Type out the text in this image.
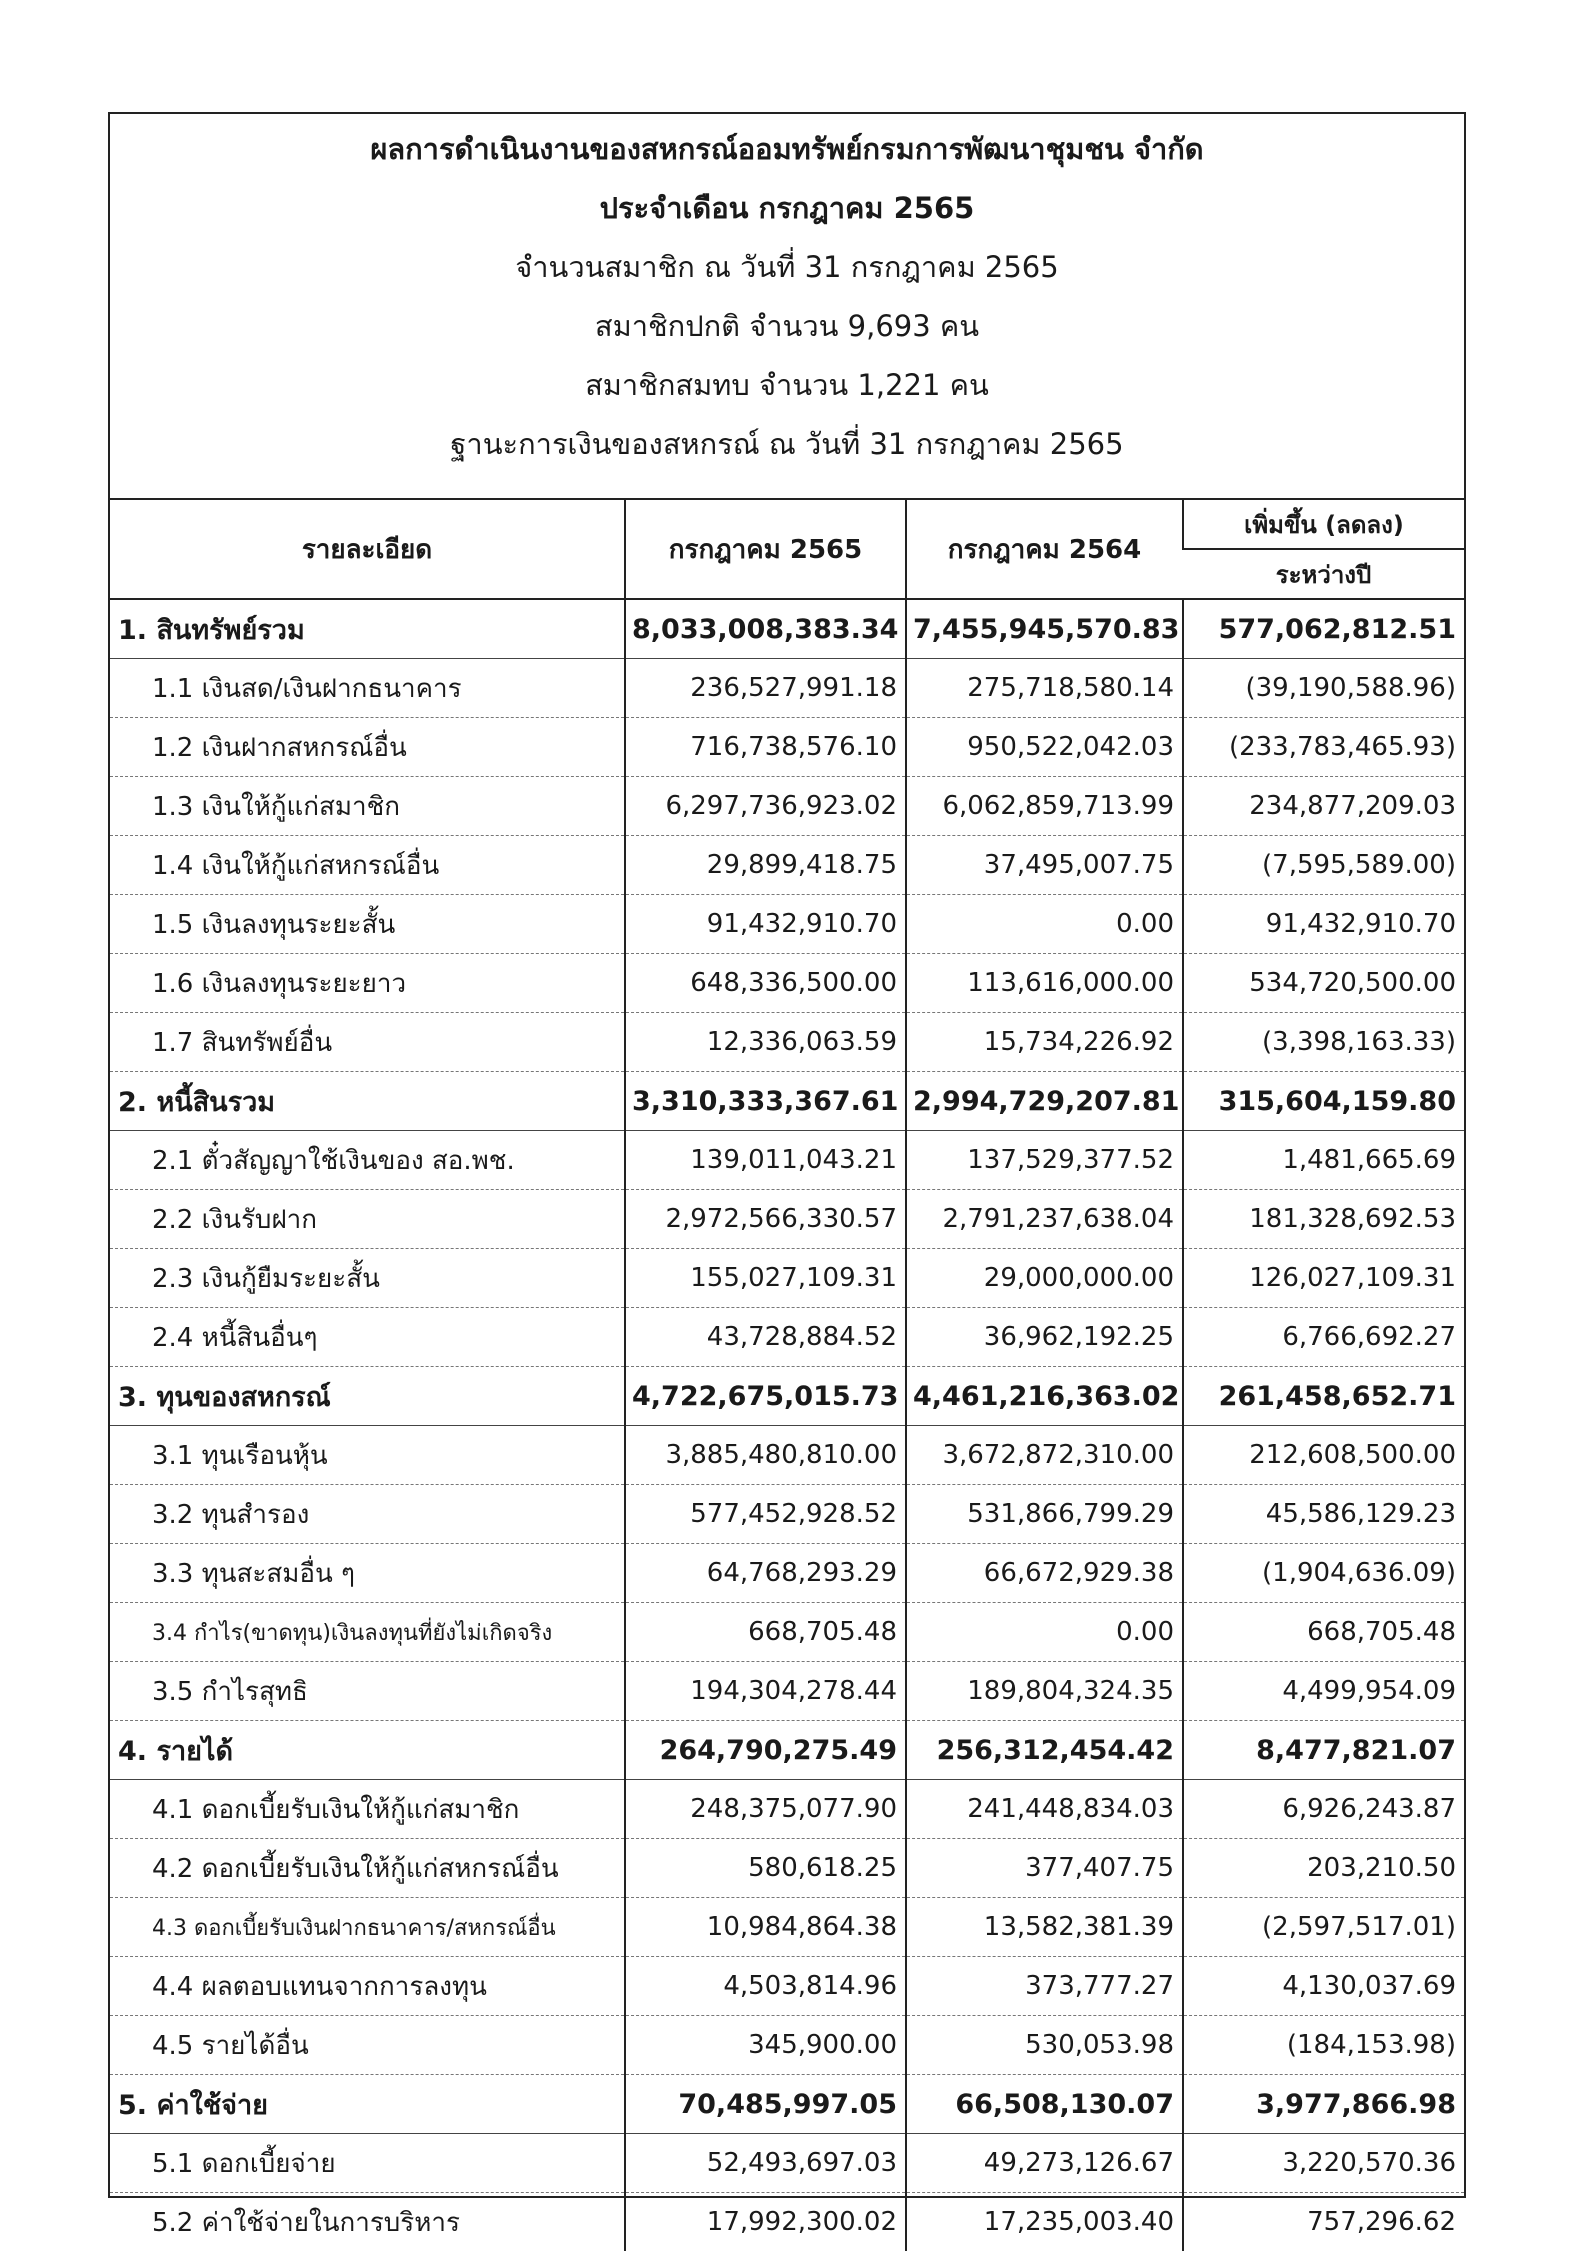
ผลการดำเนินงานของสหกรณ์ออมทรัพย์กรมการพัฒนาชุมชน จำกัด
ประจำเดือน กรกฎาคม 2565
จำนวนสมาชิก ณ วันที่ 31 กรกฎาคม 2565
สมาชิกปกติ จำนวน 9,693 คน
สมาชิกสมทบ จำนวน 1,221 คน
ฐานะการเงินของสหกรณ์ ณ วันที่ 31 กรกฎาคม 2565
รายละเอียด	กรกฎาคม 2565	กรกฎาคม 2564	เพิ่มขึ้น (ลดลง)
			ระหว่างปี
1. สินทรัพย์รวม	8,033,008,383.34	7,455,945,570.83	577,062,812.51
1.1 เงินสด/เงินฝากธนาคาร	236,527,991.18	275,718,580.14	(39,190,588.96)
1.2 เงินฝากสหกรณ์อื่น	716,738,576.10	950,522,042.03	(233,783,465.93)
1.3 เงินให้กู้แก่สมาชิก	6,297,736,923.02	6,062,859,713.99	234,877,209.03
1.4 เงินให้กู้แก่สหกรณ์อื่น	29,899,418.75	37,495,007.75	(7,595,589.00)
1.5 เงินลงทุนระยะสั้น	91,432,910.70	0.00	91,432,910.70
1.6 เงินลงทุนระยะยาว	648,336,500.00	113,616,000.00	534,720,500.00
1.7 สินทรัพย์อื่น	12,336,063.59	15,734,226.92	(3,398,163.33)
2. หนี้สินรวม	3,310,333,367.61	2,994,729,207.81	315,604,159.80
2.1 ตั๋วสัญญาใช้เงินของ สอ.พช.	139,011,043.21	137,529,377.52	1,481,665.69
2.2 เงินรับฝาก	2,972,566,330.57	2,791,237,638.04	181,328,692.53
2.3 เงินกู้ยืมระยะสั้น	155,027,109.31	29,000,000.00	126,027,109.31
2.4 หนี้สินอื่นๆ	43,728,884.52	36,962,192.25	6,766,692.27
3. ทุนของสหกรณ์	4,722,675,015.73	4,461,216,363.02	261,458,652.71
3.1 ทุนเรือนหุ้น	3,885,480,810.00	3,672,872,310.00	212,608,500.00
3.2 ทุนสำรอง	577,452,928.52	531,866,799.29	45,586,129.23
3.3 ทุนสะสมอื่น ๆ	64,768,293.29	66,672,929.38	(1,904,636.09)
3.4 กำไร(ขาดทุน)เงินลงทุนที่ยังไม่เกิดจริง	668,705.48	0.00	668,705.48
3.5 กำไรสุทธิ	194,304,278.44	189,804,324.35	4,499,954.09
4. รายได้	264,790,275.49	256,312,454.42	8,477,821.07
4.1 ดอกเบี้ยรับเงินให้กู้แก่สมาชิก	248,375,077.90	241,448,834.03	6,926,243.87
4.2 ดอกเบี้ยรับเงินให้กู้แก่สหกรณ์อื่น	580,618.25	377,407.75	203,210.50
4.3 ดอกเบี้ยรับเงินฝากธนาคาร/สหกรณ์อื่น	10,984,864.38	13,582,381.39	(2,597,517.01)
4.4 ผลตอบแทนจากการลงทุน	4,503,814.96	373,777.27	4,130,037.69
4.5 รายได้อื่น	345,900.00	530,053.98	(184,153.98)
5. ค่าใช้จ่าย	70,485,997.05	66,508,130.07	3,977,866.98
5.1 ดอกเบี้ยจ่าย	52,493,697.03	49,273,126.67	3,220,570.36
5.2 ค่าใช้จ่ายในการบริหาร	17,992,300.02	17,235,003.40	757,296.62
